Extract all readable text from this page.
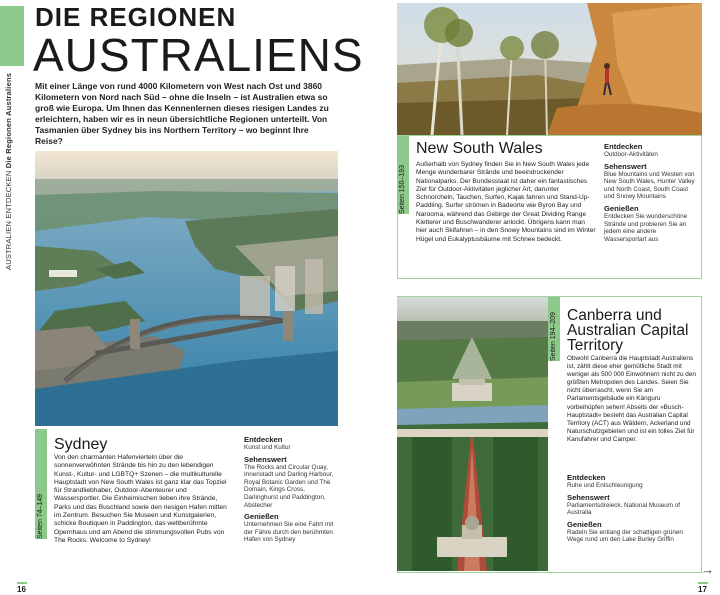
AUSTRALIEN ENTDECKEN Die Regionen Australiens
DIE REGIONEN
AUSTRALIENS
Mit einer Länge von rund 4000 Kilometern von West nach Ost und 3860 Kilometern von Nord nach Süd – ohne die Inseln – ist Australien etwa so groß wie Europa. Um Ihnen das Kennenlernen dieses riesigen Landes zu erleichtern, haben wir es in neun übersichtliche Regionen unterteilt. Von Tasmanien über Sydney bis ins Northern Territory – wo beginnt Ihre Reise?
Seiten 74–149
Sydney
Von den charmanten Hafenvierteln über die sonnenverwöhnten Strände bis hin zu den lebendigen Kunst-, Kultur- und LGBTQ+ Szenen – die multikulturelle Hauptstadt von New South Wales ist ganz klar das Topziel für Strandliebhaber, Outdoor-Abenteurer und Wassersportler. Die Einheimischen lieben ihre Strände, Parks und das Buschland sowie den riesigen Hafen mitten im Zentrum. Besuchen Sie Museen und Kunstgalerien, schicke Boutiquen in Paddington, das weltberühmte Opernhaus und am Abend die stimmungsvollen Pubs von The Rocks. Welcome to Sydney!
Entdecken
Kunst und Kultur
Sehenswert
The Rocks and Circular Quay, Innenstadt und Darling Harbour, Royal Botanic Garden und The Domain, Kings Cross, Darlinghurst und Paddington, Abstecher
Genießen
Unternehmen Sie eine Fahrt mit der Fähre durch den berühmten Hafen von Sydney
16
Seiten 150–193
New South Wales
Außerhalb von Sydney finden Sie in New South Wales jede Menge wunderbarer Strände und beeindruckender Nationalparks. Der Bundesstaat ist daher ein fantastisches Ziel für Outdoor-Aktivitäten jeglicher Art, darunter Schnorcheln, Tauchen, Surfen, Kajak fahren und Stand-Up-Paddling. Surfer strömen in Badeorte wie Byron Bay und Narooma, während das Gebirge der Great Dividing Range Kletterer und Buschwanderer anlockt. Übrigens kann man hier auch Skifahren – in den Snowy Mountains sind im Winter Hügel und Eukalyptusbäume mit Schnee bedeckt.
Entdecken
Outdoor-Aktivitäten
Sehenswert
Blue Mountains und Westen von New South Wales, Hunter Valley und North Coast, South Coast und Snowy Mountains
Genießen
Entdecken Sie wunderschöne Strände und probieren Sie an jedem eine andere Wassersportart aus
Seiten 194–209 Canberra und Australian Capital Territory
Obwohl Canberra die Hauptstadt Australiens ist, zählt diese eher gemütliche Stadt mit weniger als 500 000 Einwohnern nicht zu den größten Metropolen des Landes. Seien Sie nicht überrascht, wenn Sie am Parlamentsgebäude ein Känguru vorbeihüpfen sehen! Abseits der »Busch-Hauptstadt« besteht das Australian Capital Territory (ACT) aus Wäldern, Ackerland und Naturschutzgebieten und ist ein tolles Ziel für Kanufahrer und Camper.
Entdecken
Ruhe und Entschleunigung
Sehenswert
Parliamentsdreieck, National Museum of Australia
Genießen
Radeln Sie entlang der schattigen grünen Wege rund um den Lake Burley Griffin
→
17
